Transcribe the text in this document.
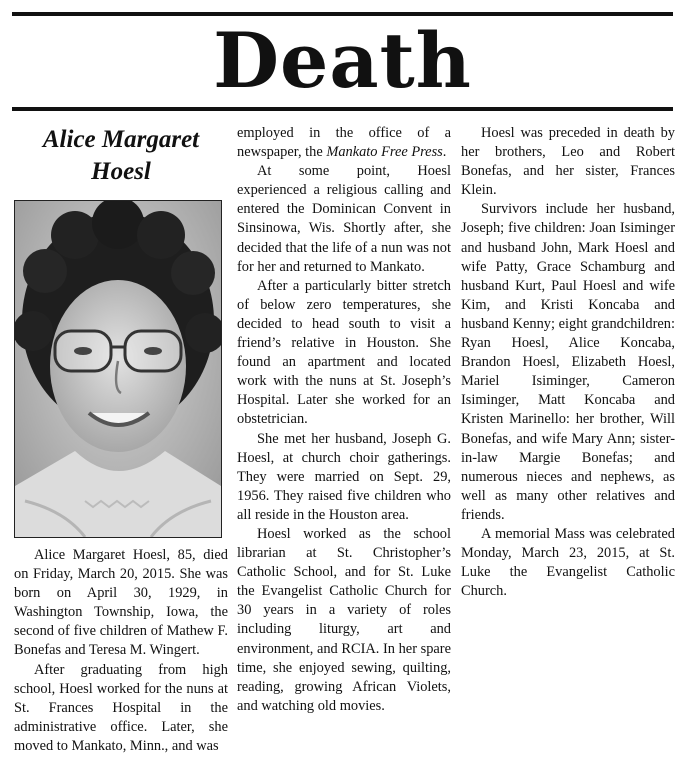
Death
Alice Margaret
Hoesl

Alice Margaret Hoesl, 85, died on Friday, March 20, 2015. She was born on April 30, 1929, in Washington Township, Iowa, the second of five children of Mathew F. Bonefas and Teresa M. Wingert.

After graduating from high school, Hoesl worked for the nuns at St. Frances Hospital in the administrative office. Later, she moved to Mankato, Minn., and was

employed in the office of a newspaper, the Mankato Free Press.

At some point, Hoesl experienced a religious calling and entered the Dominican Convent in Sinsinowa, Wis. Shortly after, she decided that the life of a nun was not for her and returned to Mankato.

After a particularly bitter stretch of below zero temperatures, she decided to head south to visit a friend’s relative in Houston. She found an apartment and located work with the nuns at St. Joseph’s Hospital. Later she worked for an obstetrician.

She met her husband, Joseph G. Hoesl, at church choir gatherings. They were married on Sept. 29, 1956. They raised five children who all reside in the Houston area.

Hoesl worked as the school librarian at St. Christopher’s Catholic School, and for St. Luke the Evangelist Catholic Church for 30 years in a variety of roles including liturgy, art and environment, and RCIA. In her spare time, she enjoyed sewing, quilting, reading, growing African Violets, and watching old movies.

Hoesl was preceded in death by her brothers, Leo and Robert Bonefas, and her sister, Frances Klein.

Survivors include her husband, Joseph; five children: Joan Isiminger and husband John, Mark Hoesl and wife Patty, Grace Schamburg and husband Kurt, Paul Hoesl and wife Kim, and Kristi Koncaba and husband Kenny; eight grandchildren: Ryan Hoesl, Alice Koncaba, Brandon Hoesl, Elizabeth Hoesl, Mariel Isiminger, Cameron Isiminger, Matt Koncaba and Kristen Marinello: her brother, Will Bonefas, and wife Mary Ann; sister-in-law Margie Bonefas; and numerous nieces and nephews, as well as many other relatives and friends.

A memorial Mass was celebrated Monday, March 23, 2015, at St. Luke the Evangelist Catholic Church.
